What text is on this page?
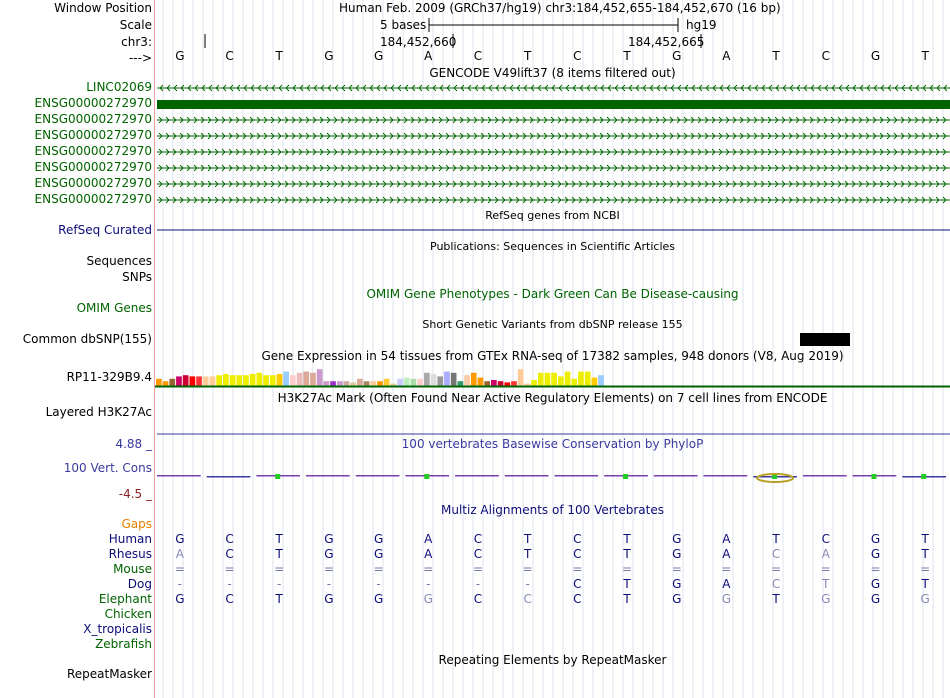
Window Position	Human Feb. 2009 (GRCh37/hg19) chr3:184,452,655-184,452,670 (16 bp)
Scale	5 bases	hg19
chr3:	184,452,660	184,452,665
--->	G	C	T	G	G	A	C	T	C	T	G	A	T	C	G	T
GENCODE V49lift37 (8 items filtered out)
LINC02069
ENSG00000272970
ENSG00000272970
ENSG00000272970
ENSG00000272970
ENSG00000272970
ENSG00000272970
ENSG00000272970
RefSeq genes from NCBI
RefSeq Curated
Publications: Sequences in Scientific Articles
Sequences
SNPs
OMIM Gene Phenotypes - Dark Green Can Be Disease-causing
OMIM Genes
Short Genetic Variants from dbSNP release 155
Common dbSNP(155)
Gene Expression in 54 tissues from GTEx RNA-seq of 17382 samples, 948 donors (V8, Aug 2019)
RP11-329B9.4
H3K27Ac Mark (Often Found Near Active Regulatory Elements) on 7 cell lines from ENCODE
Layered H3K27Ac
100 vertebrates Basewise Conservation by PhyloP
4.88 _
100 Vert. Cons
-4.5 _
Multiz Alignments of 100 Vertebrates
Gaps
Human	G	C	T	G	G	A	C	T	C	T	G	A	T	C	G	T
Rhesus	A	C	T	G	G	A	C	T	C	T	G	A	C	A	G	T
Mouse	=	=	=	=	=	=	=	=	=	=	=	=	=	=	=	=
Dog	-	-	-	-	-	-	-	-	C	T	G	A	C	T	G	T
Elephant	G	C	T	G	G	G	C	C	C	T	G	G	T	G	G	G
Chicken
X_tropicalis
Zebrafish
Repeating Elements by RepeatMasker
RepeatMasker
